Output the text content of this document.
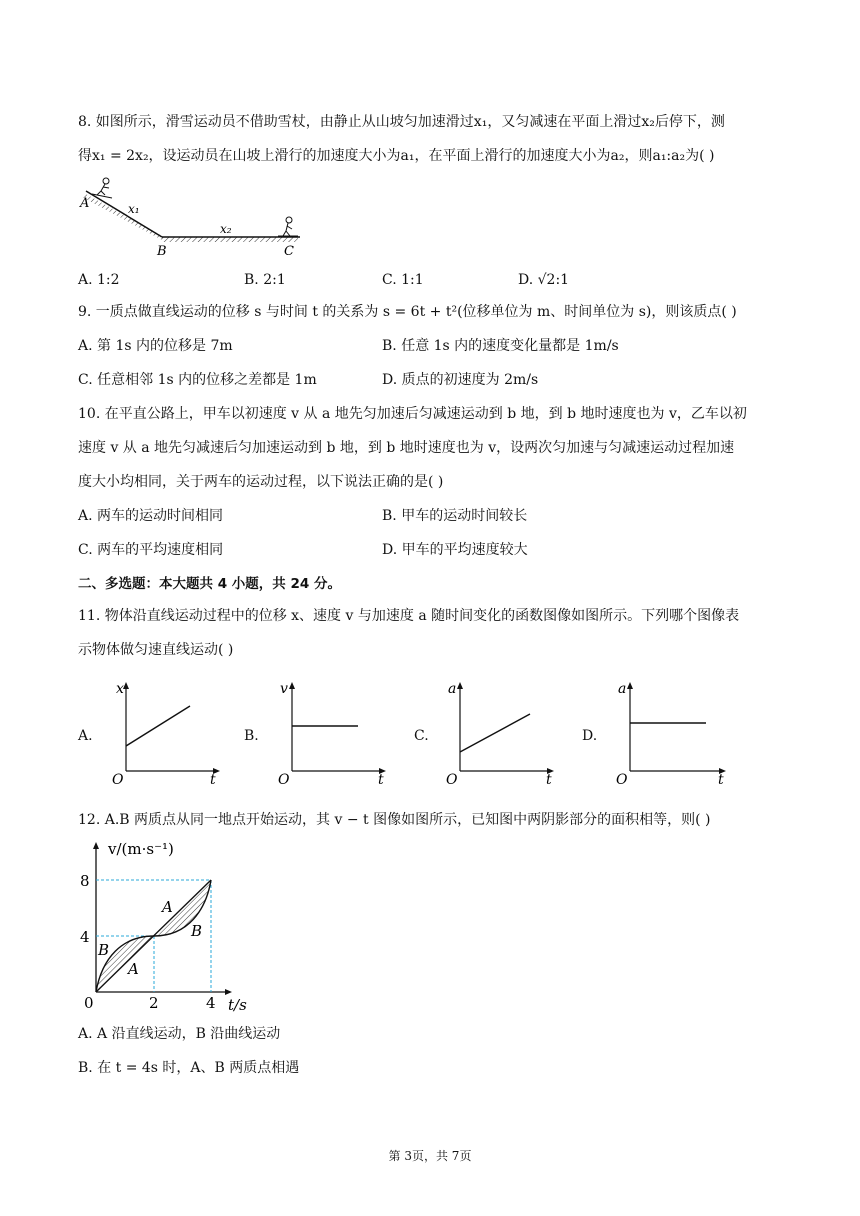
8. 如图所示，滑雪运动员不借助雪杖，由静止从山坡匀加速滑过x₁，又匀减速在平面上滑过x₂后停下，测
得x₁ = 2x₂，设运动员在山坡上滑行的加速度大小为a₁，在平面上滑行的加速度大小为a₂，则a₁:a₂为( )
A	x₁
x₂
B	C
A. 1:2	B. 2:1	C. 1:1	D. √2:1
9. 一质点做直线运动的位移 s 与时间 t 的关系为 s = 6t + t²(位移单位为 m、时间单位为 s)，则该质点( )
A. 第 1s 内的位移是 7m	B. 任意 1s 内的速度变化量都是 1m/s
C. 任意相邻 1s 内的位移之差都是 1m	D. 质点的初速度为 2m/s
10. 在平直公路上，甲车以初速度 v 从 a 地先匀加速后匀减速运动到 b 地，到 b 地时速度也为 v，乙车以初
速度 v 从 a 地先匀减速后匀加速运动到 b 地，到 b 地时速度也为 v，设两次匀加速与匀减速运动过程加速
度大小均相同，关于两车的运动过程，以下说法正确的是( )
A. 两车的运动时间相同	B. 甲车的运动时间较长
C. 两车的平均速度相同	D. 甲车的平均速度较大
二、多选题：本大题共 4 小题，共 24 分。
11. 物体沿直线运动过程中的位移 x、速度 v 与加速度 a 随时间变化的函数图像如图所示。下列哪个图像表
示物体做匀速直线运动( )
A.	B.	C.	D.
x
t
O
v
t
O
a
t
O
a
t
O
12. A.B 两质点从同一地点开始运动，其 v − t 图像如图所示，已知图中两阴影部分的面积相等，则( )
v/(m·s⁻¹)
8
4
0	2	4 t/s
A
B
A
B
A. A 沿直线运动，B 沿曲线运动
B. 在 t = 4s 时，A、B 两质点相遇
第 3页，共 7页
